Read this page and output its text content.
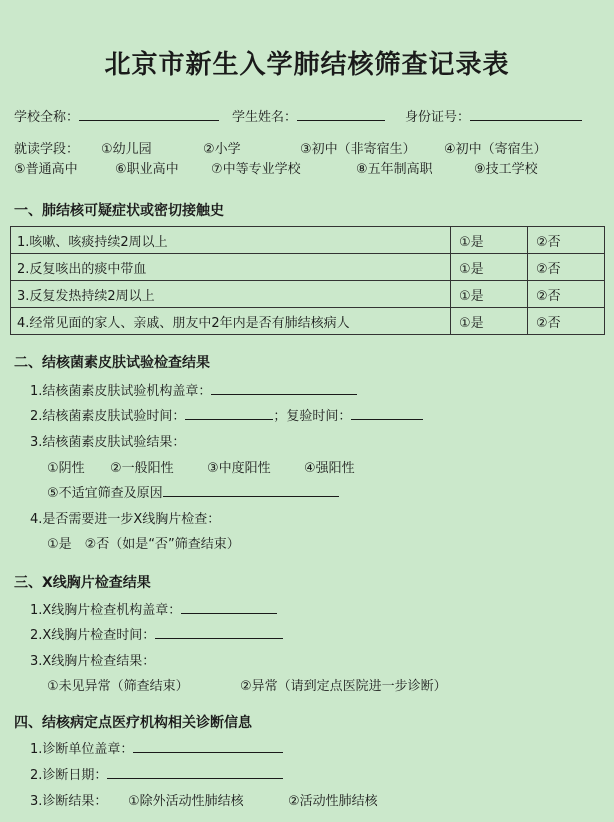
北京市新生入学肺结核筛查记录表
学校全称：	学生姓名：	身份证号：
就读学段： ①幼儿园	②小学	③初中（非寄宿生） ④初中（寄宿生）
⑤普通高中	⑥职业高中 ⑦中等专业学校	⑧五年制高职	⑨技工学校
一、肺结核可疑症状或密切接触史
1.咳嗽、咳痰持续2周以上	①是	②否
2.反复咳出的痰中带血	①是	②否
3.反复发热持续2周以上	①是	②否
4.经常见面的家人、亲戚、朋友中2年内是否有肺结核病人	①是	②否
二、结核菌素皮肤试验检查结果
1.结核菌素皮肤试验机构盖章：
2.结核菌素皮肤试验时间：	；复验时间：
3.结核菌素皮肤试验结果：
①阴性 ②一般阳性	③中度阳性	④强阳性
⑤不适宜筛查及原因
4.是否需要进一步X线胸片检查：
①是　②否（如是“否”筛查结束）
三、X线胸片检查结果
1.X线胸片检查机构盖章：
2.X线胸片检查时间：
3.X线胸片检查结果：
①未见异常（筛查结束）	②异常（请到定点医院进一步诊断）
四、结核病定点医疗机构相关诊断信息
1.诊断单位盖章：
2.诊断日期：
3.诊断结果： ①除外活动性肺结核	②活动性肺结核
